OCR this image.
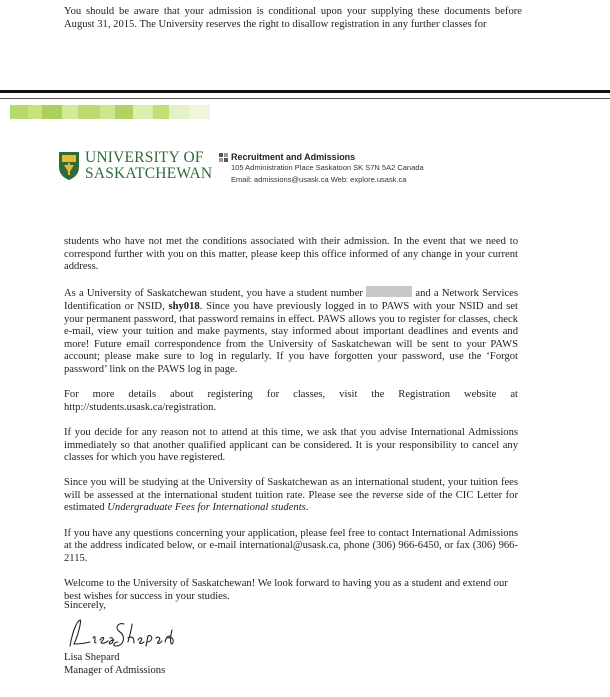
You should be aware that your admission is conditional upon your supplying these documents before August 31, 2015. The University reserves the right to disallow registration in any further classes for

UNIVERSITY OF
SASKATCHEWAN
Recruitment and Admissions
105 Administration Place Saskatoon SK S7N 5A2 Canada
Email: admissions@usask.ca Web: explore.usask.ca

students who have not met the conditions associated with their admission. In the event that we need to correspond further with you on this matter, please keep this office informed of any change in your current address.

As a University of Saskatchewan student, you have a student number	and a Network Services Identification or NSID, shy018. Since you have previously logged in to PAWS with your NSID and set your permanent password, that password remains in effect. PAWS allows you to register for classes, check e-mail, view your tuition and make payments, stay informed about important deadlines and events and more! Future email correspondence from the University of Saskatchewan will be sent to your PAWS account; please make sure to log in regularly. If you have forgotten your password, use the ‘Forgot password’ link on the PAWS log in page.

For more details about registering for classes, visit the Registration website at http://students.usask.ca/registration.

If you decide for any reason not to attend at this time, we ask that you advise International Admissions immediately so that another qualified applicant can be considered. It is your responsibility to cancel any classes for which you have registered.

Since you will be studying at the University of Saskatchewan as an international student, your tuition fees will be assessed at the international student tuition rate. Please see the reverse side of the CIC Letter for estimated Undergraduate Fees for International students.

If you have any questions concerning your application, please feel free to contact International Admissions at the address indicated below, or e-mail international@usask.ca, phone (306) 966-6450, or fax (306) 966-2115.

Welcome to the University of Saskatchewan! We look forward to having you as a student and extend our best wishes for success in your studies.

Sincerely,
Lisa Shepard
Manager of Admissions
